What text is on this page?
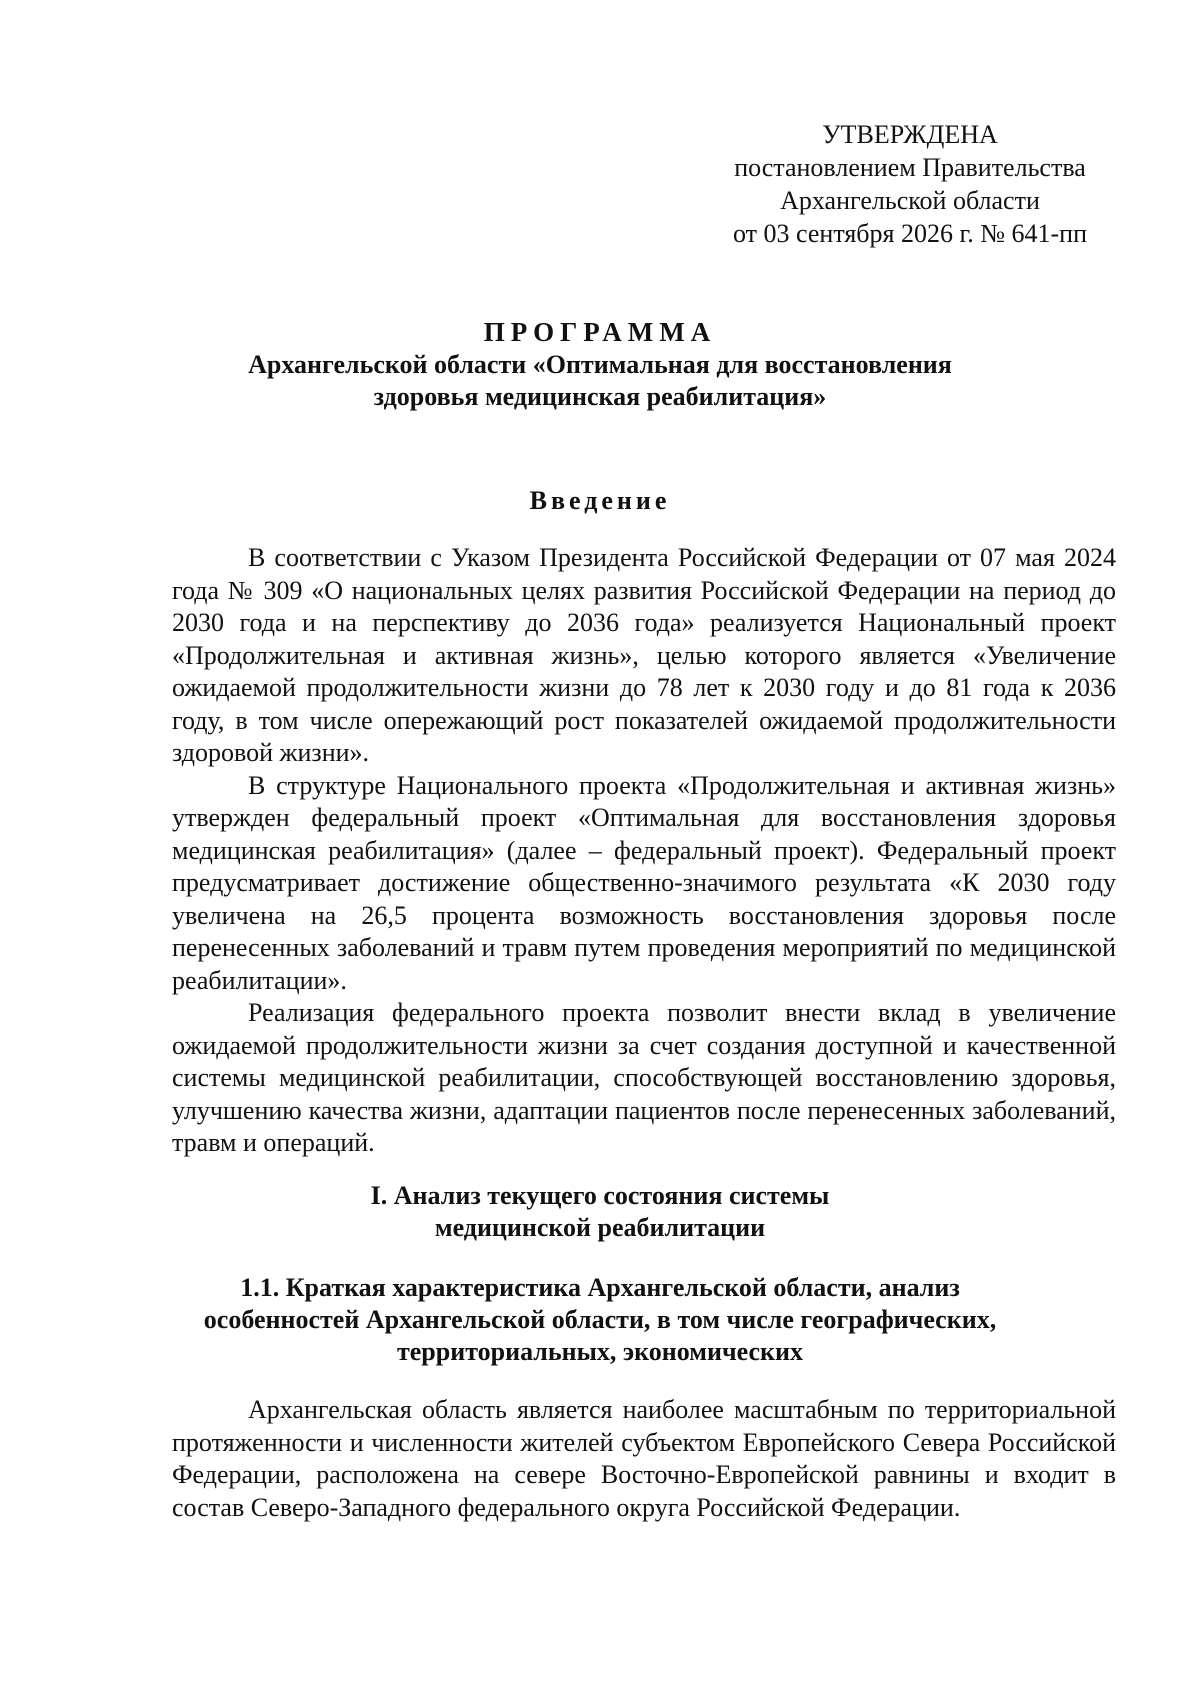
УТВЕРЖДЕНА
постановлением Правительства
Архангельской области
от 03 сентября 2026 г. № 641-пп
ПРОГРАММА
Архангельской области «Оптимальная для восстановления
здоровья медицинская реабилитация»
Введение

В соответствии с Указом Президента Российской Федерации от 07 мая 2024 года № 309 «О национальных целях развития Российской Федерации на период до 2030 года и на перспективу до 2036 года» реализуется Национальный проект «Продолжительная и активная жизнь», целью которого является «Увеличение ожидаемой продолжительности жизни до 78 лет к 2030 году и до 81 года к 2036 году, в том числе опережающий рост показателей ожидаемой продолжительности здоровой жизни».

В структуре Национального проекта «Продолжительная и активная жизнь» утвержден федеральный проект «Оптимальная для восстановления здоровья медицинская реабилитация» (далее – федеральный проект). Федеральный проект предусматривает достижение общественно-значимого результата «К 2030 году увеличена на 26,5 процента возможность восстановления здоровья после перенесенных заболеваний и травм путем проведения мероприятий по медицинской реабилитации».

Реализация федерального проекта позволит внести вклад в увеличение ожидаемой продолжительности жизни за счет создания доступной и качественной системы медицинской реабилитации, способствующей восстановлению здоровья, улучшению качества жизни, адаптации пациентов после перенесенных заболеваний, травм и операций.

I. Анализ текущего состояния системы
медицинской реабилитации
1.1. Краткая характеристика Архангельской области, анализ
особенностей Архангельской области, в том числе географических,
территориальных, экономических

Архангельская область является наиболее масштабным по территориальной протяженности и численности жителей субъектом Европейского Севера Российской Федерации, расположена на севере Восточно-Европейской равнины и входит в состав Северо-Западного федерального округа Российской Федерации.
